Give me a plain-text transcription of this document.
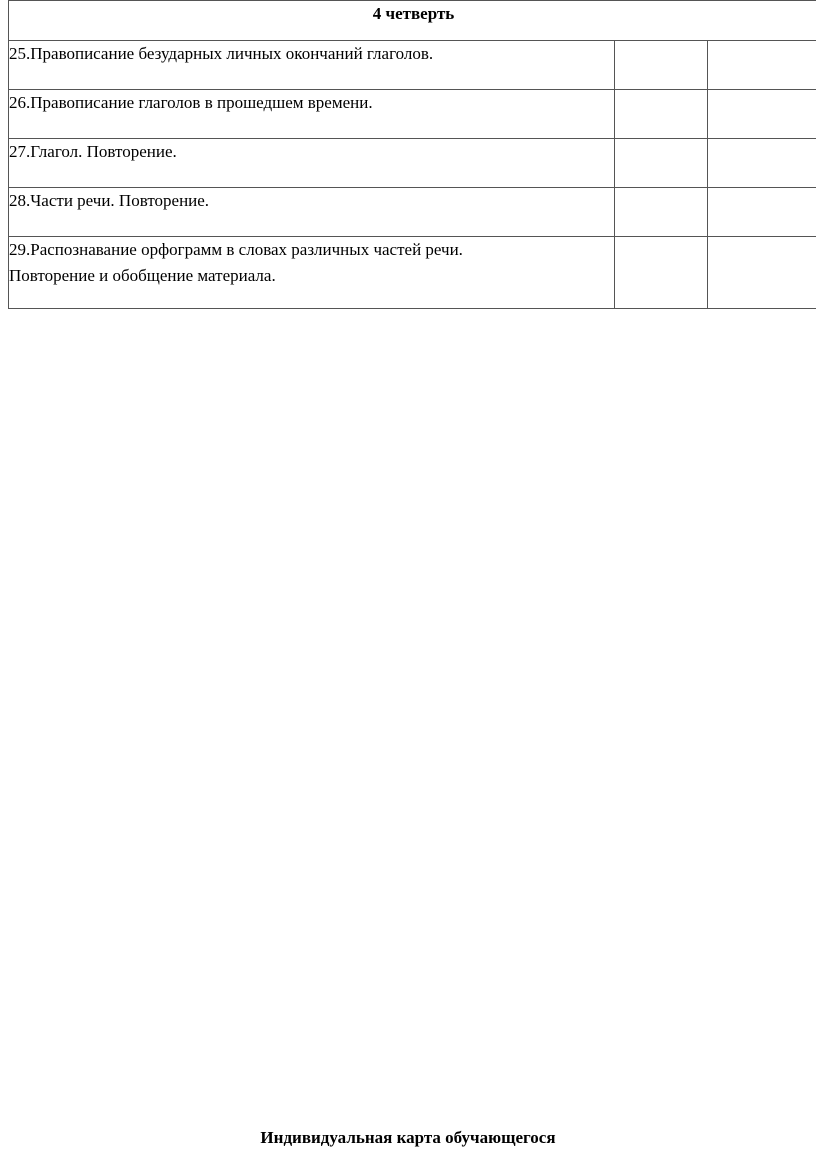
4 четверть		
25.Правописание безударных личных окончаний глаголов.		
26.Правописание глаголов в прошедшем времени.		
27.Глагол. Повторение.		
28.Части речи. Повторение.		

29.Распознавание орфограмм в словах различных частей речи.
Повторение и обобщение материала.		

Индивидуальная карта обучающегося
